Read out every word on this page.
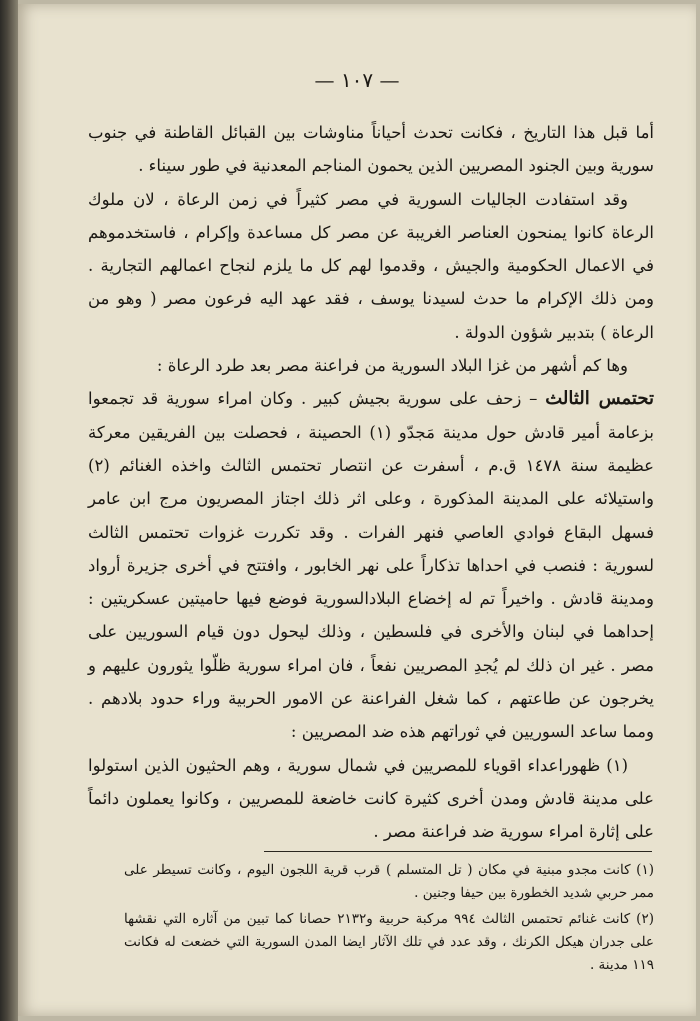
— ١٠٧ —

أما قبل هذا التاريخ ، فكانت تحدث أحياناً مناوشات بين القبائل القاطنة في جنوب سورية وبين الجنود المصريين الذين يحمون المناجم المعدنية في طور سيناء .

وقد استفادت الجاليات السورية في مصر كثيراً في زمن الرعاة ، لان ملوك الرعاة كانوا يمنحون العناصر الغريبة عن مصر كل مساعدة وإكرام ، فاستخدموهم في الاعمال الحكومية والجيش ، وقدموا لهم كل ما يلزم لنجاح اعمالهم التجارية . ومن ذلك الإكرام ما حدث لسيدنا يوسف ، فقد عهد اليه فرعون مصر ( وهو من الرعاة ) بتدبير شؤون الدولة .

وها كم أشهر من غزا البلاد السورية من فراعنة مصر بعد طرد الرعاة :

تحتمس الثالث – زحف على سورية بجيش كبير . وكان امراء سورية قد تجمعوا بزعامة أمير قادش حول مدينة مَجدّو (١) الحصينة ، فحصلت بين الفريقين معركة عظيمة سنة ١٤٧٨ ق.م ، أسفرت عن انتصار تحتمس الثالث واخذه الغنائم (٢) واستيلائه على المدينة المذكورة ، وعلى اثر ذلك اجتاز المصريون مرج ابن عامر فسهل البقاع فوادي العاصي فنهر الفرات . وقد تكررت غزوات تحتمس الثالث لسورية : فنصب في احداها تذكاراً على نهر الخابور ، وافتتح في أخرى جزيرة أرواد ومدينة قادش . واخيراً تم له إخضاع البلادالسورية فوضع فيها حاميتين عسكريتين : إحداهما في لبنان والأخرى في فلسطين ، وذلك ليحول دون قيام السوريين على مصر . غير ان ذلك لم يُجدِ المصريين نفعاً ، فان امراء سورية ظلّوا يثورون عليهم و يخرجون عن طاعتهم ، كما شغل الفراعنة عن الامور الحربية وراء حدود بلادهم . ومما ساعد السوريين في ثوراتهم هذه ضد المصريين :

(١) ظهوراعداء اقوياء للمصريين في شمال سورية ، وهم الحثيون الذين استولوا على مدينة قادش ومدن أخرى كثيرة كانت خاضعة للمصريين ، وكانوا يعملون دائماً على إثارة امراء سورية ضد فراعنة مصر .

(١) كانت مجدو مبنية في مكان ( تل المتسلم ) قرب قرية اللجون اليوم ، وكانت تسيطر على ممر حربي شديد الخطورة بين حيفا وجنين .

(٢) كانت غنائم تحتمس الثالث ٩٩٤ مركبة حربية و٢١٣٢ حصانا كما تبين من آثاره التي نقشها على جدران هيكل الكرنك ، وقد عدد في تلك الآثار ايضا المدن السورية التي خضعت له فكانت ١١٩ مدينة .
